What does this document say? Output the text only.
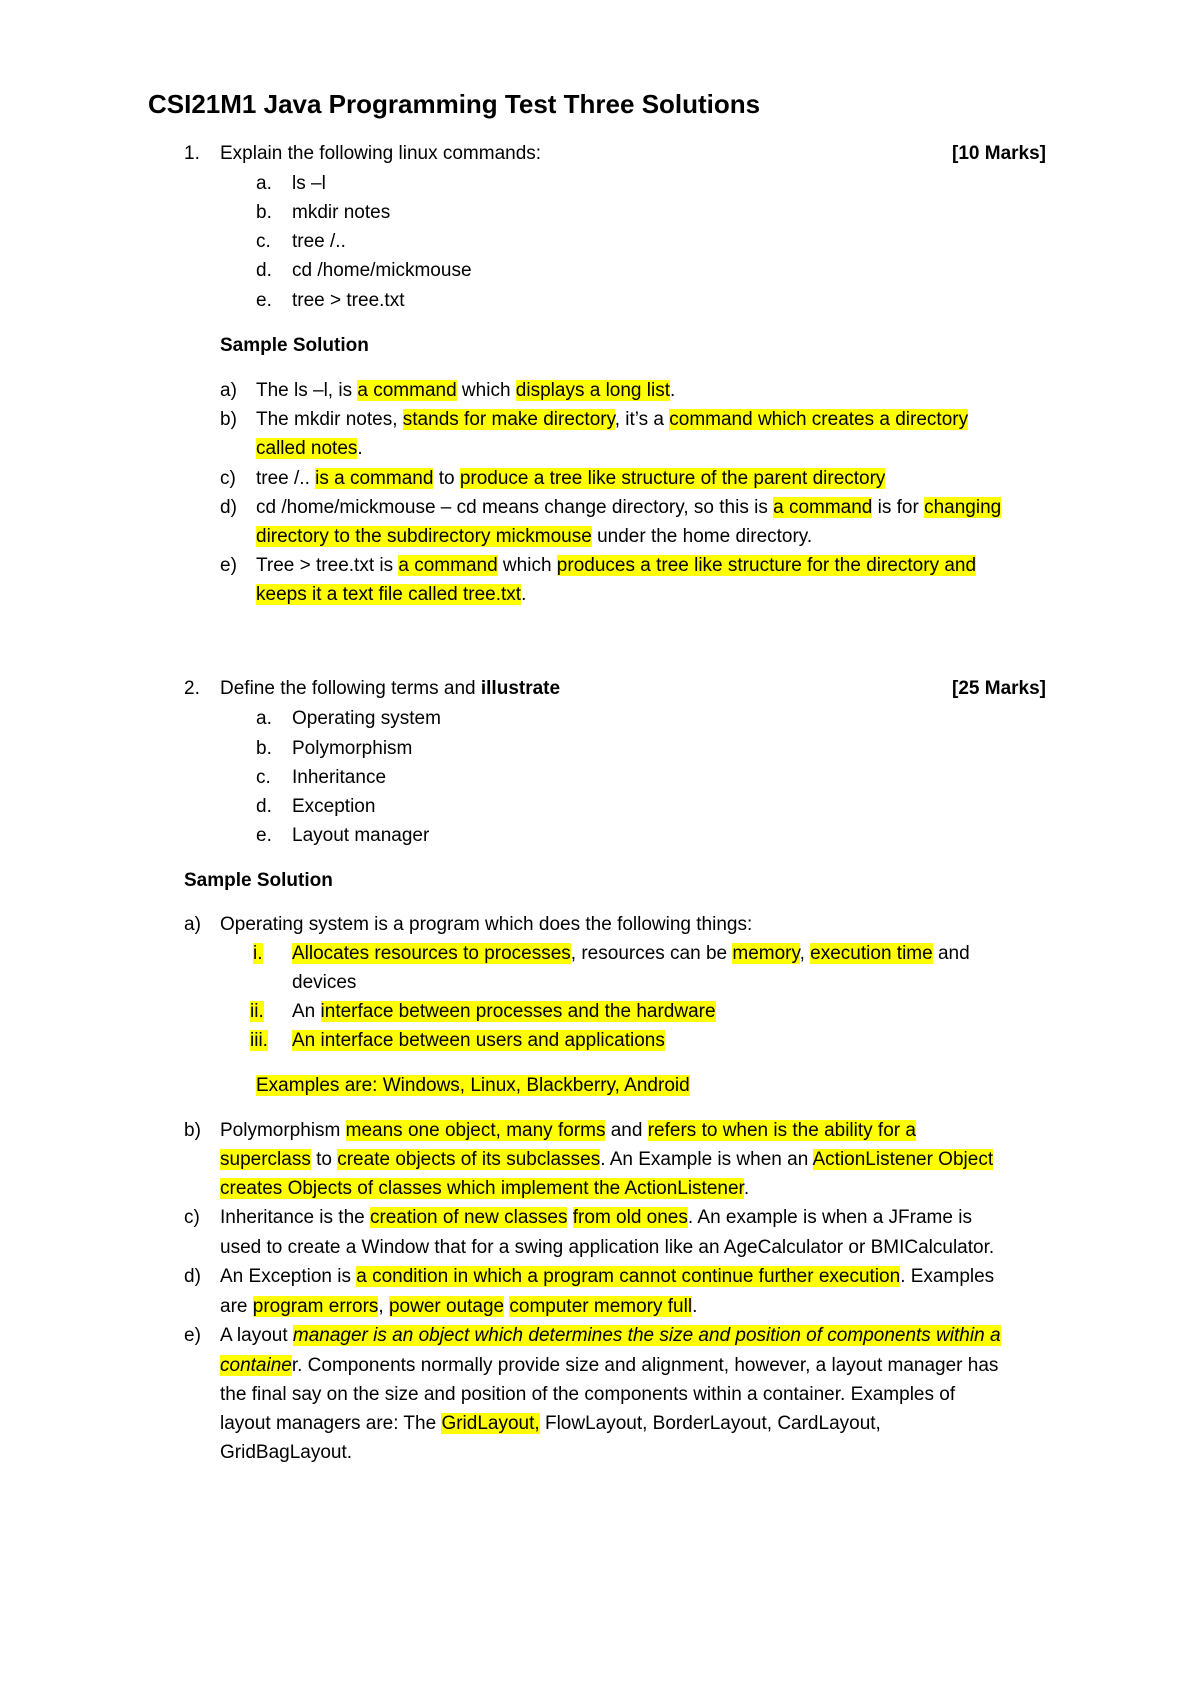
CSI21M1 Java Programming Test Three Solutions
1. Explain the following linux commands:	[10 Marks]
a. ls –l
b. mkdir notes
c. tree /..
d. cd /home/mickmouse
e. tree > tree.txt
Sample Solution
a) The ls –l, is a command which displays a long list.
b) The mkdir notes, stands for make directory, it’s a command which creates a directory
called notes.
c) tree /.. is a command to produce a tree like structure of the parent directory
d) cd /home/mickmouse – cd means change directory, so this is a command is for changing
directory to the subdirectory mickmouse under the home directory.
e) Tree > tree.txt is a command which produces a tree like structure for the directory and
keeps it a text file called tree.txt.
2. Define the following terms and illustrate	[25 Marks]
a. Operating system
b. Polymorphism
c. Inheritance
d. Exception
e. Layout manager
Sample Solution
a) Operating system is a program which does the following things:
i. Allocates resources to processes, resources can be memory, execution time and
devices
ii. An interface between processes and the hardware
iii. An interface between users and applications
Examples are: Windows, Linux, Blackberry, Android
b) Polymorphism means one object, many forms and refers to when is the ability for a
superclass to create objects of its subclasses. An Example is when an ActionListener Object
creates Objects of classes which implement the ActionListener.
c) Inheritance is the creation of new classes from old ones. An example is when a JFrame is
used to create a Window that for a swing application like an AgeCalculator or BMICalculator.
d) An Exception is a condition in which a program cannot continue further execution. Examples
are program errors, power outage computer memory full.
e) A layout manager is an object which determines the size and position of components within a
container. Components normally provide size and alignment, however, a layout manager has
the final say on the size and position of the components within a container. Examples of
layout managers are: The GridLayout, FlowLayout, BorderLayout, CardLayout,
GridBagLayout.
